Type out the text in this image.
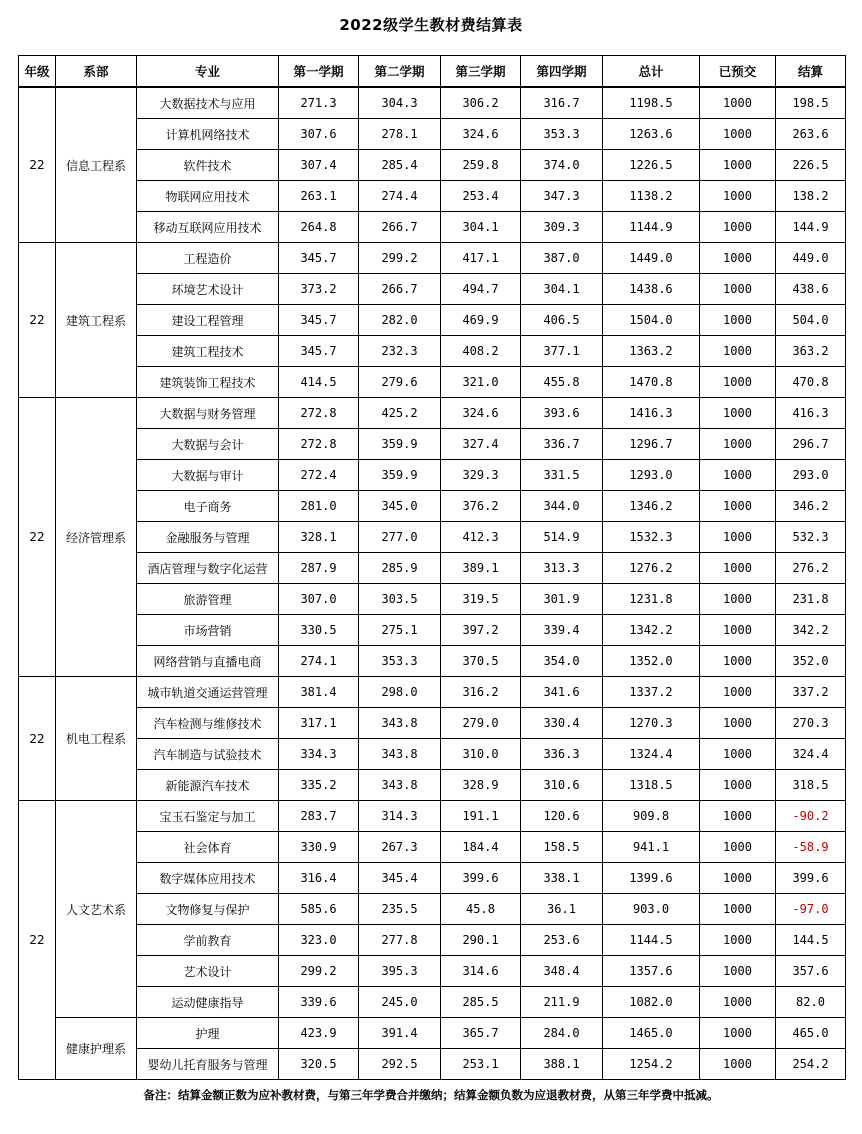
2022级学生教材费结算表
年级	系部	专业	第一学期	第二学期	第三学期	第四学期	总计	已预交	结算
22	信息工程系	大数据技术与应用	271.3	304.3	306.2	316.7	1198.5	1000	198.5
		计算机网络技术	307.6	278.1	324.6	353.3	1263.6	1000	263.6
		软件技术	307.4	285.4	259.8	374.0	1226.5	1000	226.5
		物联网应用技术	263.1	274.4	253.4	347.3	1138.2	1000	138.2
		移动互联网应用技术	264.8	266.7	304.1	309.3	1144.9	1000	144.9
22	建筑工程系	工程造价	345.7	299.2	417.1	387.0	1449.0	1000	449.0
		环境艺术设计	373.2	266.7	494.7	304.1	1438.6	1000	438.6
		建设工程管理	345.7	282.0	469.9	406.5	1504.0	1000	504.0
		建筑工程技术	345.7	232.3	408.2	377.1	1363.2	1000	363.2
		建筑装饰工程技术	414.5	279.6	321.0	455.8	1470.8	1000	470.8
22	经济管理系	大数据与财务管理	272.8	425.2	324.6	393.6	1416.3	1000	416.3
		大数据与会计	272.8	359.9	327.4	336.7	1296.7	1000	296.7
		大数据与审计	272.4	359.9	329.3	331.5	1293.0	1000	293.0
		电子商务	281.0	345.0	376.2	344.0	1346.2	1000	346.2
		金融服务与管理	328.1	277.0	412.3	514.9	1532.3	1000	532.3
		酒店管理与数字化运营	287.9	285.9	389.1	313.3	1276.2	1000	276.2
		旅游管理	307.0	303.5	319.5	301.9	1231.8	1000	231.8
		市场营销	330.5	275.1	397.2	339.4	1342.2	1000	342.2
		网络营销与直播电商	274.1	353.3	370.5	354.0	1352.0	1000	352.0
22	机电工程系	城市轨道交通运营管理	381.4	298.0	316.2	341.6	1337.2	1000	337.2
		汽车检测与维修技术	317.1	343.8	279.0	330.4	1270.3	1000	270.3
		汽车制造与试验技术	334.3	343.8	310.0	336.3	1324.4	1000	324.4
		新能源汽车技术	335.2	343.8	328.9	310.6	1318.5	1000	318.5
22	人文艺术系	宝玉石鉴定与加工	283.7	314.3	191.1	120.6	909.8	1000	-90.2
		社会体育	330.9	267.3	184.4	158.5	941.1	1000	-58.9
		数字媒体应用技术	316.4	345.4	399.6	338.1	1399.6	1000	399.6
		文物修复与保护	585.6	235.5	45.8	36.1	903.0	1000	-97.0
		学前教育	323.0	277.8	290.1	253.6	1144.5	1000	144.5
		艺术设计	299.2	395.3	314.6	348.4	1357.6	1000	357.6
		运动健康指导	339.6	245.0	285.5	211.9	1082.0	1000	82.0
	健康护理系	护理	423.9	391.4	365.7	284.0	1465.0	1000	465.0
		婴幼儿托育服务与管理	320.5	292.5	253.1	388.1	1254.2	1000	254.2
备注：结算金额正数为应补教材费，与第三年学费合并缴纳；结算金额负数为应退教材费，从第三年学费中抵减。
